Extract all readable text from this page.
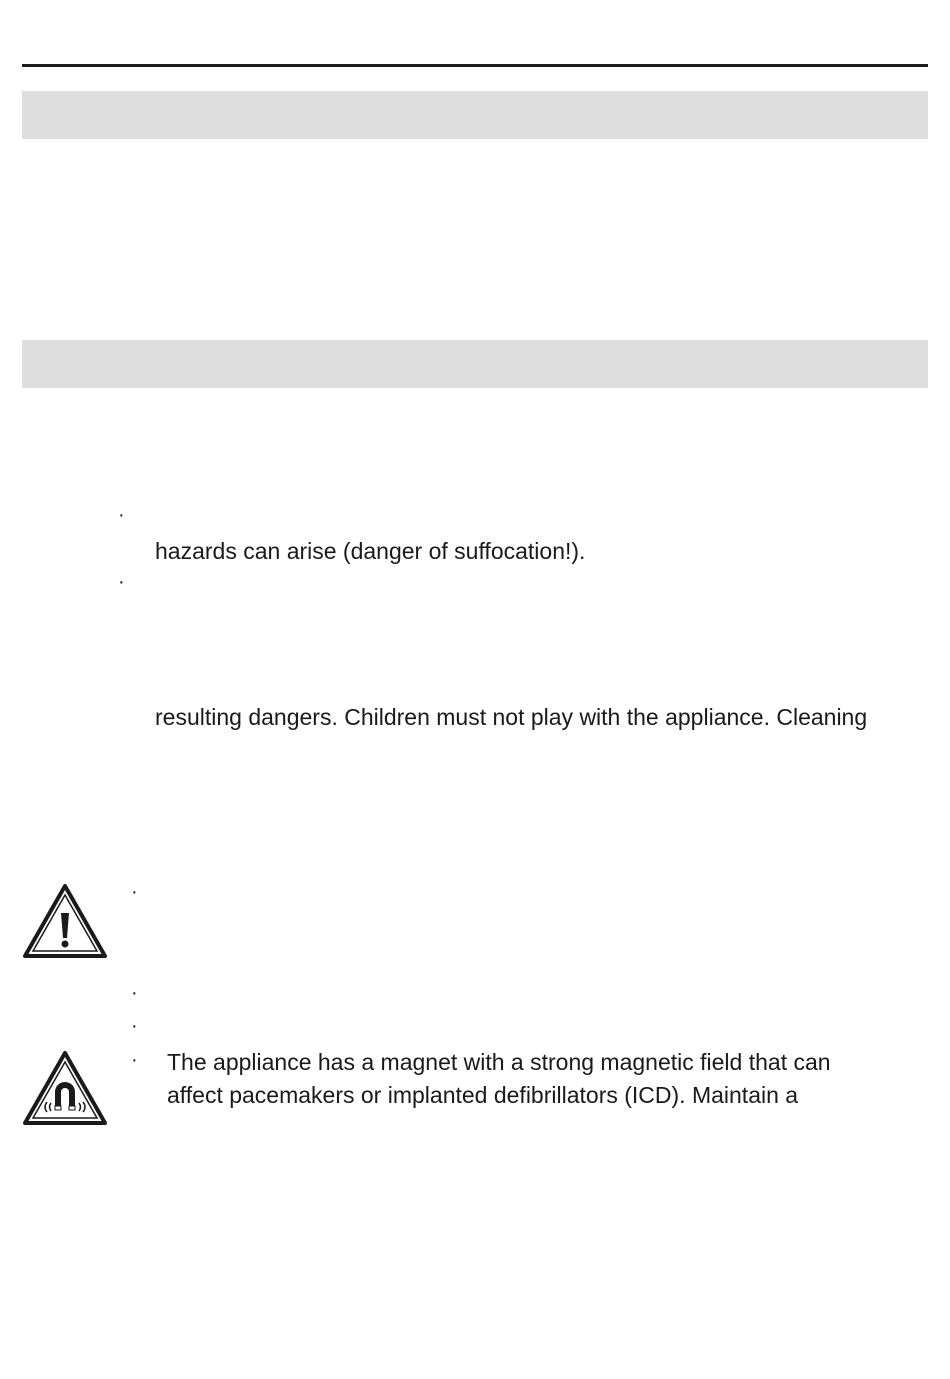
·
hazards can arise (danger of suffocation!).
·
resulting dangers. Children must not play with the appliance. Cleaning
·
·
·
· The appliance has a magnet with a strong magnetic field that can
affect pacemakers or implanted defibrillators (ICD). Maintain a
